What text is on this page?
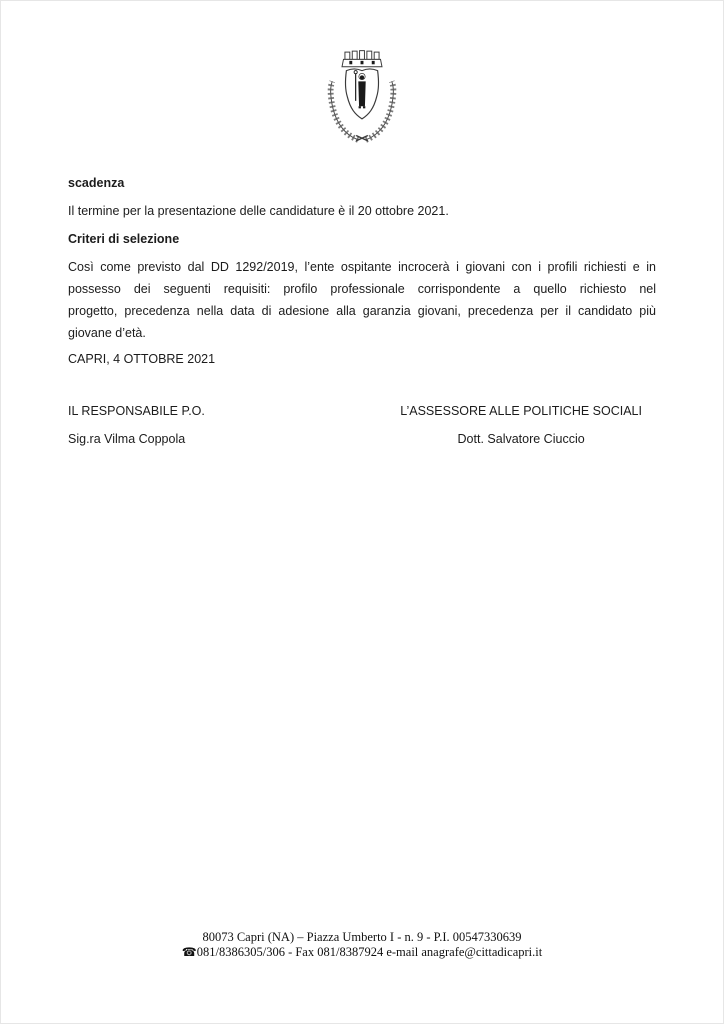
scadenza
Il termine per la presentazione delle candidature è il 20 ottobre 2021.
Criteri di selezione
Così come previsto dal DD 1292/2019, l’ente ospitante incrocerà i giovani con i profili richiesti e in
possesso dei seguenti requisiti: profilo professionale corrispondente a quello richiesto nel
progetto, precedenza nella data di adesione alla garanzia giovani, precedenza per il candidato più
giovane d’età.
CAPRI, 4 OTTOBRE 2021
IL RESPONSABILE P.O.
Sig.ra Vilma Coppola
L’ASSESSORE ALLE POLITICHE SOCIALI
Dott. Salvatore Ciuccio
80073 Capri (NA) – Piazza Umberto I - n. 9 - P.I. 00547330639
☎081/8386305/306 - Fax 081/8387924 e-mail anagrafe@cittadicapri.it
